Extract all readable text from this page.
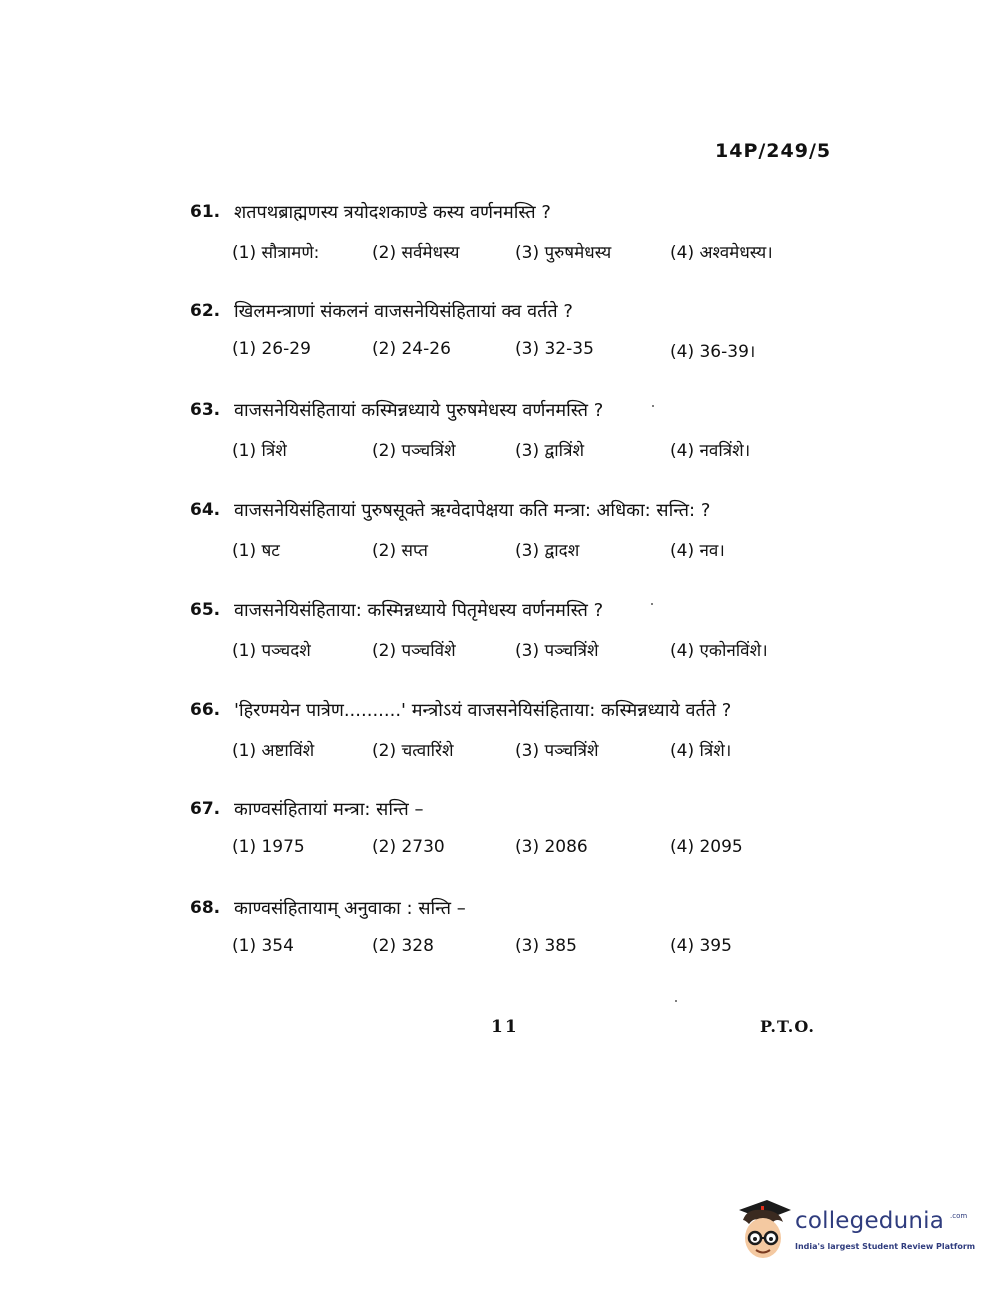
14P/249/5
61. शतपथब्राह्मणस्य त्रयोदशकाण्डे कस्य वर्णनमस्ति ?
(1) सौत्रामणे:	(2) सर्वमेधस्य	(3) पुरुषमेधस्य	(4) अश्वमेधस्य।
62. खिलमन्त्राणां संकलनं वाजसनेयिसंहितायां क्व वर्तते ?
(1) 26-29	(2) 24-26	(3) 32-35	(4) 36-39।
63. वाजसनेयिसंहितायां कस्मिन्नध्याये पुरुषमेधस्य वर्णनमस्ति ?
(1) त्रिंशे	(2) पञ्चत्रिंशे	(3) द्वात्रिंशे	(4) नवत्रिंशे।
64. वाजसनेयिसंहितायां पुरुषसूक्ते ऋग्वेदापेक्षया कति मन्त्रा: अधिका: सन्ति: ?
(1) षट	(2) सप्त	(3) द्वादश	(4) नव।
65. वाजसनेयिसंहिताया: कस्मिन्नध्याये पितृमेधस्य वर्णनमस्ति ?
(1) पञ्चदशे	(2) पञ्चविंशे	(3) पञ्चत्रिंशे	(4) एकोनविंशे।
66. 'हिरण्मयेन पात्रेण..........' मन्त्रोऽयं वाजसनेयिसंहिताया: कस्मिन्नध्याये वर्तते ?
(1) अष्टाविंशे	(2) चत्वारिंशे	(3) पञ्चत्रिंशे	(4) त्रिंशे।
67. काण्वसंहितायां मन्त्रा: सन्ति –
(1) 1975	(2) 2730	(3) 2086	(4) 2095
68. काण्वसंहितायाम् अनुवाका : सन्ति –
(1) 354	(2) 328	(3) 385	(4) 395
11	P.T.O.
collegedunia .com
India's largest Student Review Platform
